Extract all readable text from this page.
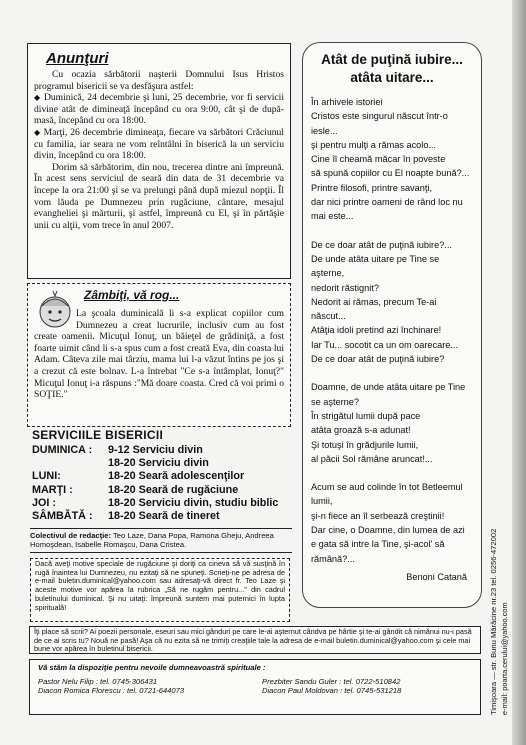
Anunţuri

Cu ocazia sărbătorii naşterii Domnului Isus Hristos programul bisericii se va desfăşura astfel:

◆ Duminică, 24 decembrie şi luni, 25 decembrie, vor fi servicii divine atât de dimineaţă începând cu ora 9:00, cât şi de după-masă, începând cu ora 18:00.

◆ Marţi, 26 decembrie dimineaţa, fiecare va sărbători Crăciunul cu familia, iar seara ne vom reîntâlni în biserică la un serviciu divin, începând cu ora 18:00.

Dorim să sărbătorim, din nou, trecerea dintre ani împreună. În acest sens serviciul de seară din data de 31 decembrie va începe la ora 21:00 şi se va prelungi până după miezul nopţii. Îl vom lăuda pe Dumnezeu prin rugăciune, cântare, mesajul evangheliei şi mărturii, şi astfel, împreună cu El, şi în părtăşie unii cu alţii, vom trece în anul 2007.

Atât de puţină iubire...
atâta uitare...
În arhivele istoriei
Cristos este singurul născut într-o
iesle...
şi pentru mulţi a rămas acolo...
Cine îl cheamă măcar în poveste
să spună copiilor cu El noapte bună?...
Printre filosofi, printre savanţi,
dar nici printre oameni de rând loc nu
mai este...
De ce doar atât de puţină iubire?...
De unde atâta uitare pe Tine se
aşterne,
nedorit răstignit?
Nedorit ai rămas, precum Te-ai
născut...
Atâţia idoli pretind azi închinare!
Iar Tu... socotit ca un om oarecare...
De ce doar atât de puţină iubire?
Doamne, de unde atâta uitare pe Tine
se aşterne?
În strigătul lumii după pace
atâta groază s-a adunat!
Şi totuşi în grădjurile lumii,
al păcii Sol rămâne aruncat!...
Acum se aud colinde în tot Betleemul
lumii,
şi-n fiece an îl serbează creştinii!
Dar cine, o Doamne, din lumea de azi
e gata să intre la Tine, şi-acol' să
rămână?...
Benoni Catană
Zâmbiţi, vă rog...

La şcoala duminicală li s-a explicat copiilor cum Dumnezeu a creat lucrurile, inclusiv cum au fost create oamenii. Micuţul Ionuţ, un băieţel de grădiniţă, a fost foarte uimit când li s-a spus cum a fost creată Eva, din coasta lui Adam. Câteva zile mai târziu, mama lui l-a văzut întins pe jos şi a crezut că este bolnav. L-a întrebat "Ce s-a întâmplat, Ionuţ?" Micuţul Ionuţ i-a răspuns :"Mă doare coasta. Cred că voi primi o SOŢIE."

SERVICIILE BISERICII
DUMINICA :	9-12 Serviciu divin
18-20 Serviciu divin
LUNI:	18-20 Seară adolescenţilor
MARŢI :	18-20 Seară de rugăciune
JOI :	18-20 Serviciu divin, studiu biblic
SÂMBĂTĂ :	18-20 Seară de tineret
Colectivul de redacţie: Teo Laze, Dana Popa, Ramona Gheju, Andreea Homoşdean, Isabelle Romaşcu, Dana Cristea.
Dacă aveţi motive speciale de rugăciune şi doriţi ca cineva să vă susţină în rugă înaintea lui Dumnezeu, nu ezitaţi să ne spuneţi. Scrieţi-ne pe adresa de e-mail buletin.duminical@yahoo.com sau adresaţi-vă direct fr. Teo Laze şi aceste motive vor apărea la rubrica „Să ne rugăm pentru..." din cadrul buletinului duminical. Şi nu uitaţi: împreună suntem mai puternici în lupta spirituală!
Îţi place să scrii? Ai poezii personale, eseuri sau mici gânduri pe care le-ai aşternut cândva pe hârtie şi te-ai gândit că nimănui nu-i pasă de ce ai scris tu? Nouă ne pasă! Aşa că nu ezita să ne trimiţi creaţiile tale la adresa de e-mail buletin.duminical@yahoo.com şi cele mai bune vor apărea în buletinul bisericii.
Vă stăm la dispoziţie pentru nevoile dumneavoastră spirituale :
Pastor Nelu Filip : tel. 0745-306431	Prezbiter Sandu Guler : tel. 0722-510842
Diacon Romica Florescu : tel. 0721-644073	Diacon Paul Moldovan : tel. 0745-531218	Timişoara — str. Bunu Mărăcine nr.23 tel. 0256-472002 e-mail: poarta.cerului@yahoo.com
